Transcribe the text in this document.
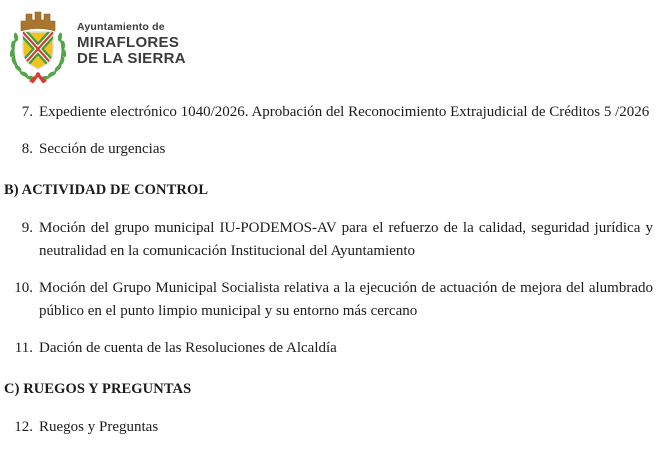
Ayuntamiento de
MIRAFLORES
DE LA SIERRA
7. Expediente electrónico 1040/2026. Aprobación del Reconocimiento Extrajudicial de Créditos 5 /2026
8. Sección de urgencias
B) ACTIVIDAD DE CONTROL
9. Moción del grupo municipal IU-PODEMOS-AV para el refuerzo de la calidad, seguridad jurídica y neutralidad en la comunicación Institucional del Ayuntamiento
10. Moción del Grupo Municipal Socialista relativa a la ejecución de actuación de mejora del alumbrado público en el punto limpio municipal y su entorno más cercano
11. Dación de cuenta de las Resoluciones de Alcaldía
C) RUEGOS Y PREGUNTAS
12. Ruegos y Preguntas
